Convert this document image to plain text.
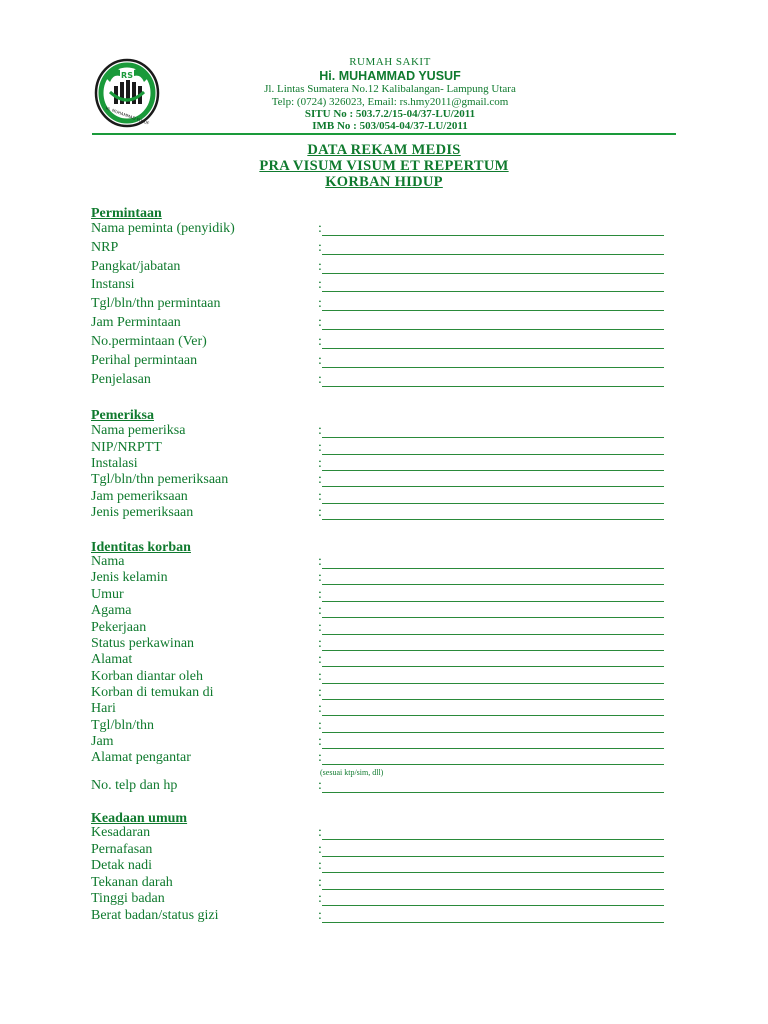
RS
Hi. MUHAMMAD YUSUF
RUMAH SAKIT
Hi. MUHAMMAD YUSUF
Jl. Lintas Sumatera No.12 Kalibalangan- Lampung Utara
Telp: (0724) 326023, Email: rs.hmy2011@gmail.com
SITU No : 503.7.2/15-04/37-LU/2011
IMB No : 503/054-04/37-LU/2011
DATA REKAM MEDIS
PRA VISUM VISUM ET REPERTUM
KORBAN HIDUP
Permintaan
Nama peminta (penyidik)	:
NRP	:
Pangkat/jabatan	:
Instansi	:
Tgl/bln/thn permintaan	:
Jam Permintaan	:
No.permintaan (Ver)	:
Perihal permintaan	:
Penjelasan	:
Pemeriksa
Nama pemeriksa	:
NIP/NRPTT	:
Instalasi	:
Tgl/bln/thn pemeriksaan	:
Jam pemeriksaan	:
Jenis pemeriksaan	:
Identitas korban
Nama	:
Jenis kelamin	:
Umur	:
Agama	:
Pekerjaan	:
Status perkawinan	:
Alamat	:
Korban diantar oleh	:
Korban di temukan di	:
Hari	:
Tgl/bln/thn	:
Jam	:
Alamat pengantar	:
No. telp dan hp	:
(sesuai ktp/sim, dll)
Keadaan umum
Kesadaran	:
Pernafasan	:
Detak nadi	:
Tekanan darah	:
Tinggi badan	:
Berat badan/status gizi	:
